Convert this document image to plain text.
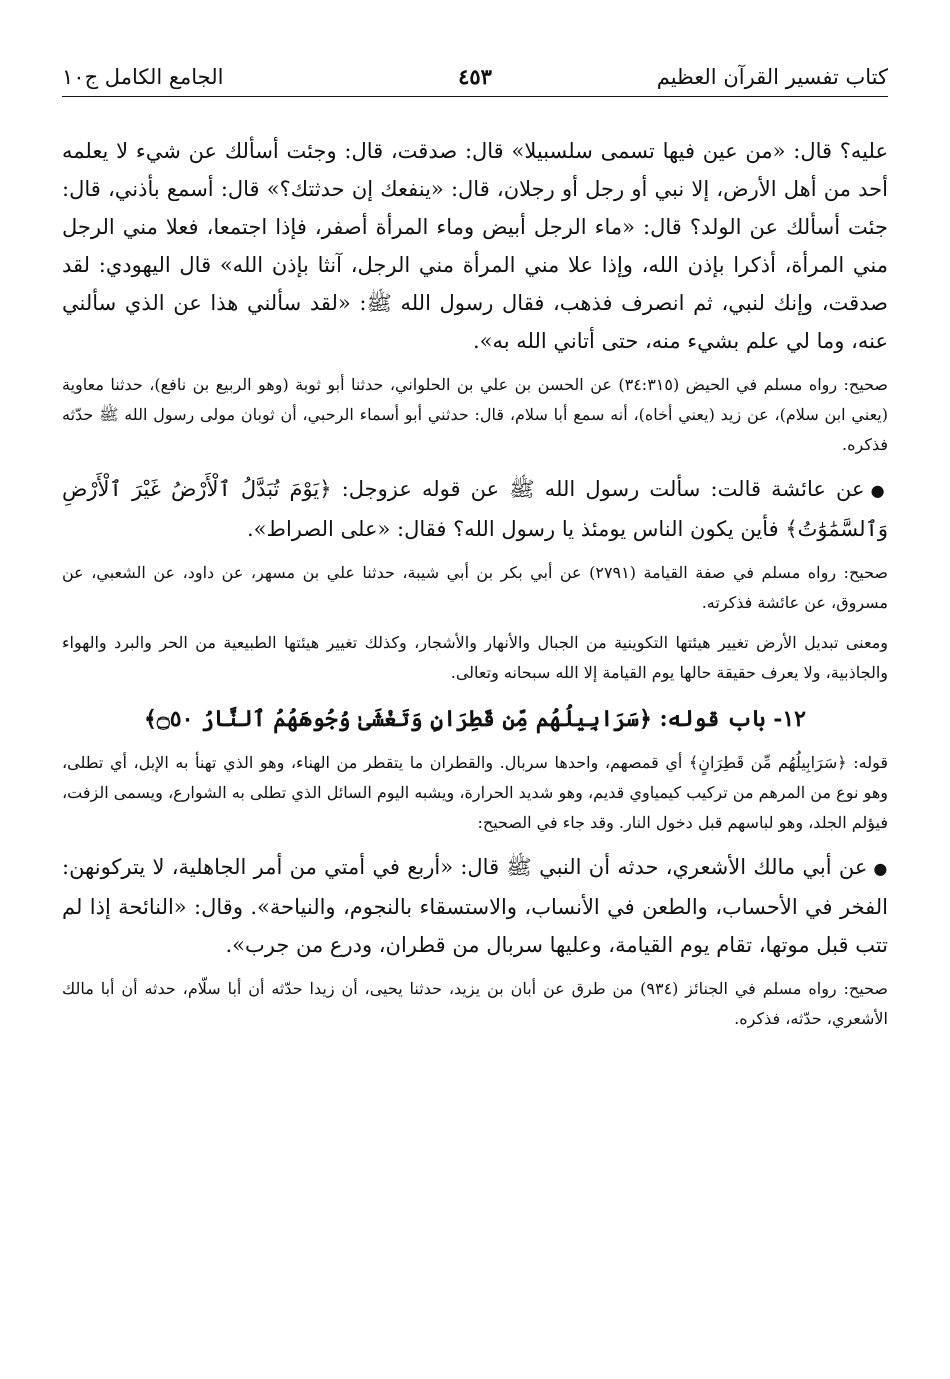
كتاب تفسير القرآن العظيم
٤٥٣
الجامع الكامل ج١٠

عليه؟ قال: «من عين فيها تسمى سلسبيلا» قال: صدقت، قال: وجئت أسألك عن شيء لا يعلمه أحد من أهل الأرض، إلا نبي أو رجل أو رجلان، قال: «ينفعك إن حدثتك؟» قال: أسمع بأذني، قال: جئت أسألك عن الولد؟ قال: «ماء الرجل أبيض وماء المرأة أصفر، فإذا اجتمعا، فعلا مني الرجل مني المرأة، أذكرا بإذن الله، وإذا علا مني المرأة مني الرجل، آنثا بإذن الله» قال اليهودي: لقد صدقت، وإنك لنبي، ثم انصرف فذهب، فقال رسول الله ﷺ: «لقد سألني هذا عن الذي سألني عنه، وما لي علم بشيء منه، حتى أتاني الله به».

صحيح: رواه مسلم في الحيض (٣٤:٣١٥) عن الحسن بن علي بن الحلواني، حدثنا أبو ثوبة (وهو الربيع بن نافع)، حدثنا معاوية (يعني ابن سلام)، عن زيد (يعني أخاه)، أنه سمع أبا سلام، قال: حدثني أبو أسماء الرحبي، أن ثوبان مولى رسول الله ﷺ حدّثه فذكره.

●عن عائشة قالت: سألت رسول الله ﷺ عن قوله عزوجل: ﴿يَوْمَ تُبَدَّلُ ٱلْأَرْضُ غَيْرَ ٱلْأَرْضِ وَٱلسَّمَٰوَٰتُ﴾ فأين يكون الناس يومئذ يا رسول الله؟ فقال: «على الصراط».

صحيح: رواه مسلم في صفة القيامة (٢٧٩١) عن أبي بكر بن أبي شيبة، حدثنا علي بن مسهر، عن داود، عن الشعبي، عن مسروق، عن عائشة فذكرته.

ومعنى تبديل الأرض تغيير هيئتها التكوينية من الجبال والأنهار والأشجار، وكذلك تغيير هيئتها الطبيعية من الحر والبرد والهواء والجاذبية، ولا يعرف حقيقة حالها يوم القيامة إلا الله سبحانه وتعالى.

١٢- باب قوله: ﴿سَرَابِيلُهُم مِّن قَطِرَانٍ وَتَغْشَىٰ وُجُوهَهُمُ ٱلنَّارُ ۝٥٠﴾

قوله: ﴿سَرَابِيلُهُم مِّن قَطِرَانٍ﴾ أي قمصهم، واحدها سربال. والقطران ما يتقطر من الهناء، وهو الذي تهنأ به الإبل، أي تطلى، وهو نوع من المرهم من تركيب كيمياوي قديم، وهو شديد الحرارة، ويشبه اليوم السائل الذي تطلى به الشوارع، ويسمى الزفت، فيؤلم الجلد، وهو لباسهم قبل دخول النار. وقد جاء في الصحيح:

●عن أبي مالك الأشعري، حدثه أن النبي ﷺ قال: «أربع في أمتي من أمر الجاهلية، لا يتركونهن: الفخر في الأحساب، والطعن في الأنساب، والاستسقاء بالنجوم، والنياحة». وقال: «النائحة إذا لم تتب قبل موتها، تقام يوم القيامة، وعليها سربال من قطران، ودرع من جرب».

صحيح: رواه مسلم في الجنائز (٩٣٤) من طرق عن أبان بن يزيد، حدثنا يحيى، أن زيدا حدّثه أن أبا سلّام، حدثه أن أبا مالك الأشعري، حدّثه، فذكره.
